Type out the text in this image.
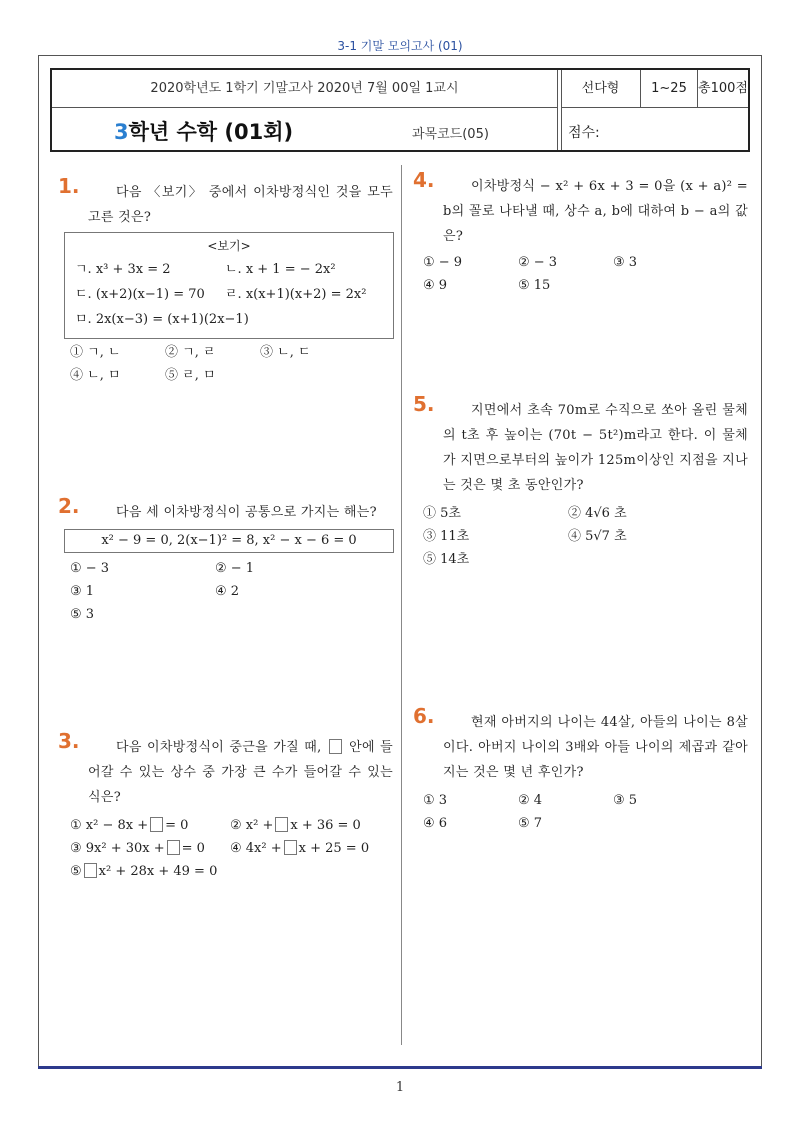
3-1 기말 모의고사 (01)
2020학년도 1학기 기말고사 2020년 7월 00일 1교시
3학년 수학 (01회)	과목코드(05)
선다형	1~25 총100점
점수:
1.	다음 〈보기〉 중에서 이차방정식인 것을 모두 고른 것은?
<보기>
ㄱ. x³ + 3x = 2	ㄴ. x + 1 = − 2x²
ㄷ. (x+2)(x−1) = 70	ㄹ. x(x+1)(x+2) = 2x²
ㅁ. 2x(x−3) = (x+1)(2x−1)
① ㄱ, ㄴ	② ㄱ, ㄹ	③ ㄴ, ㄷ
④ ㄴ, ㅁ	⑤ ㄹ, ㅁ
2.	다음 세 이차방정식이 공통으로 가지는 해는?
x² − 9 = 0, 2(x−1)² = 8, x² − x − 6 = 0
① − 3	② − 1
③ 1	④ 2
⑤ 3
3.	다음 이차방정식이 중근을 가질 때,  안에 들어갈 수 있는 상수 중 가장 큰 수가 들어갈 수 있는 식은?
① x² − 8x + = 0	② x² + x + 36 = 0
③ 9x² + 30x + = 0	④ 4x² + x + 25 = 0
⑤ x² + 28x + 49 = 0
4.	이차방정식 − x² + 6x + 3 = 0을 (x + a)² = b의 꼴로 나타낼 때, 상수 a, b에 대하여 b − a의 값은?
① − 9	② − 3	③ 3
④ 9	⑤ 15
5.	지면에서 초속 70m로 수직으로 쏘아 올린 물체의 t초 후 높이는 (70t − 5t²)m라고 한다. 이 물체가 지면으로부터의 높이가 125m이상인 지점을 지나는 것은 몇 초 동안인가?
① 5초	② 4√6 초
③ 11초	④ 5√7 초
⑤ 14초
6.	현재 아버지의 나이는 44살, 아들의 나이는 8살이다. 아버지 나이의 3배와 아들 나이의 제곱과 같아지는 것은 몇 년 후인가?
① 3	② 4	③ 5
④ 6	⑤ 7
1
